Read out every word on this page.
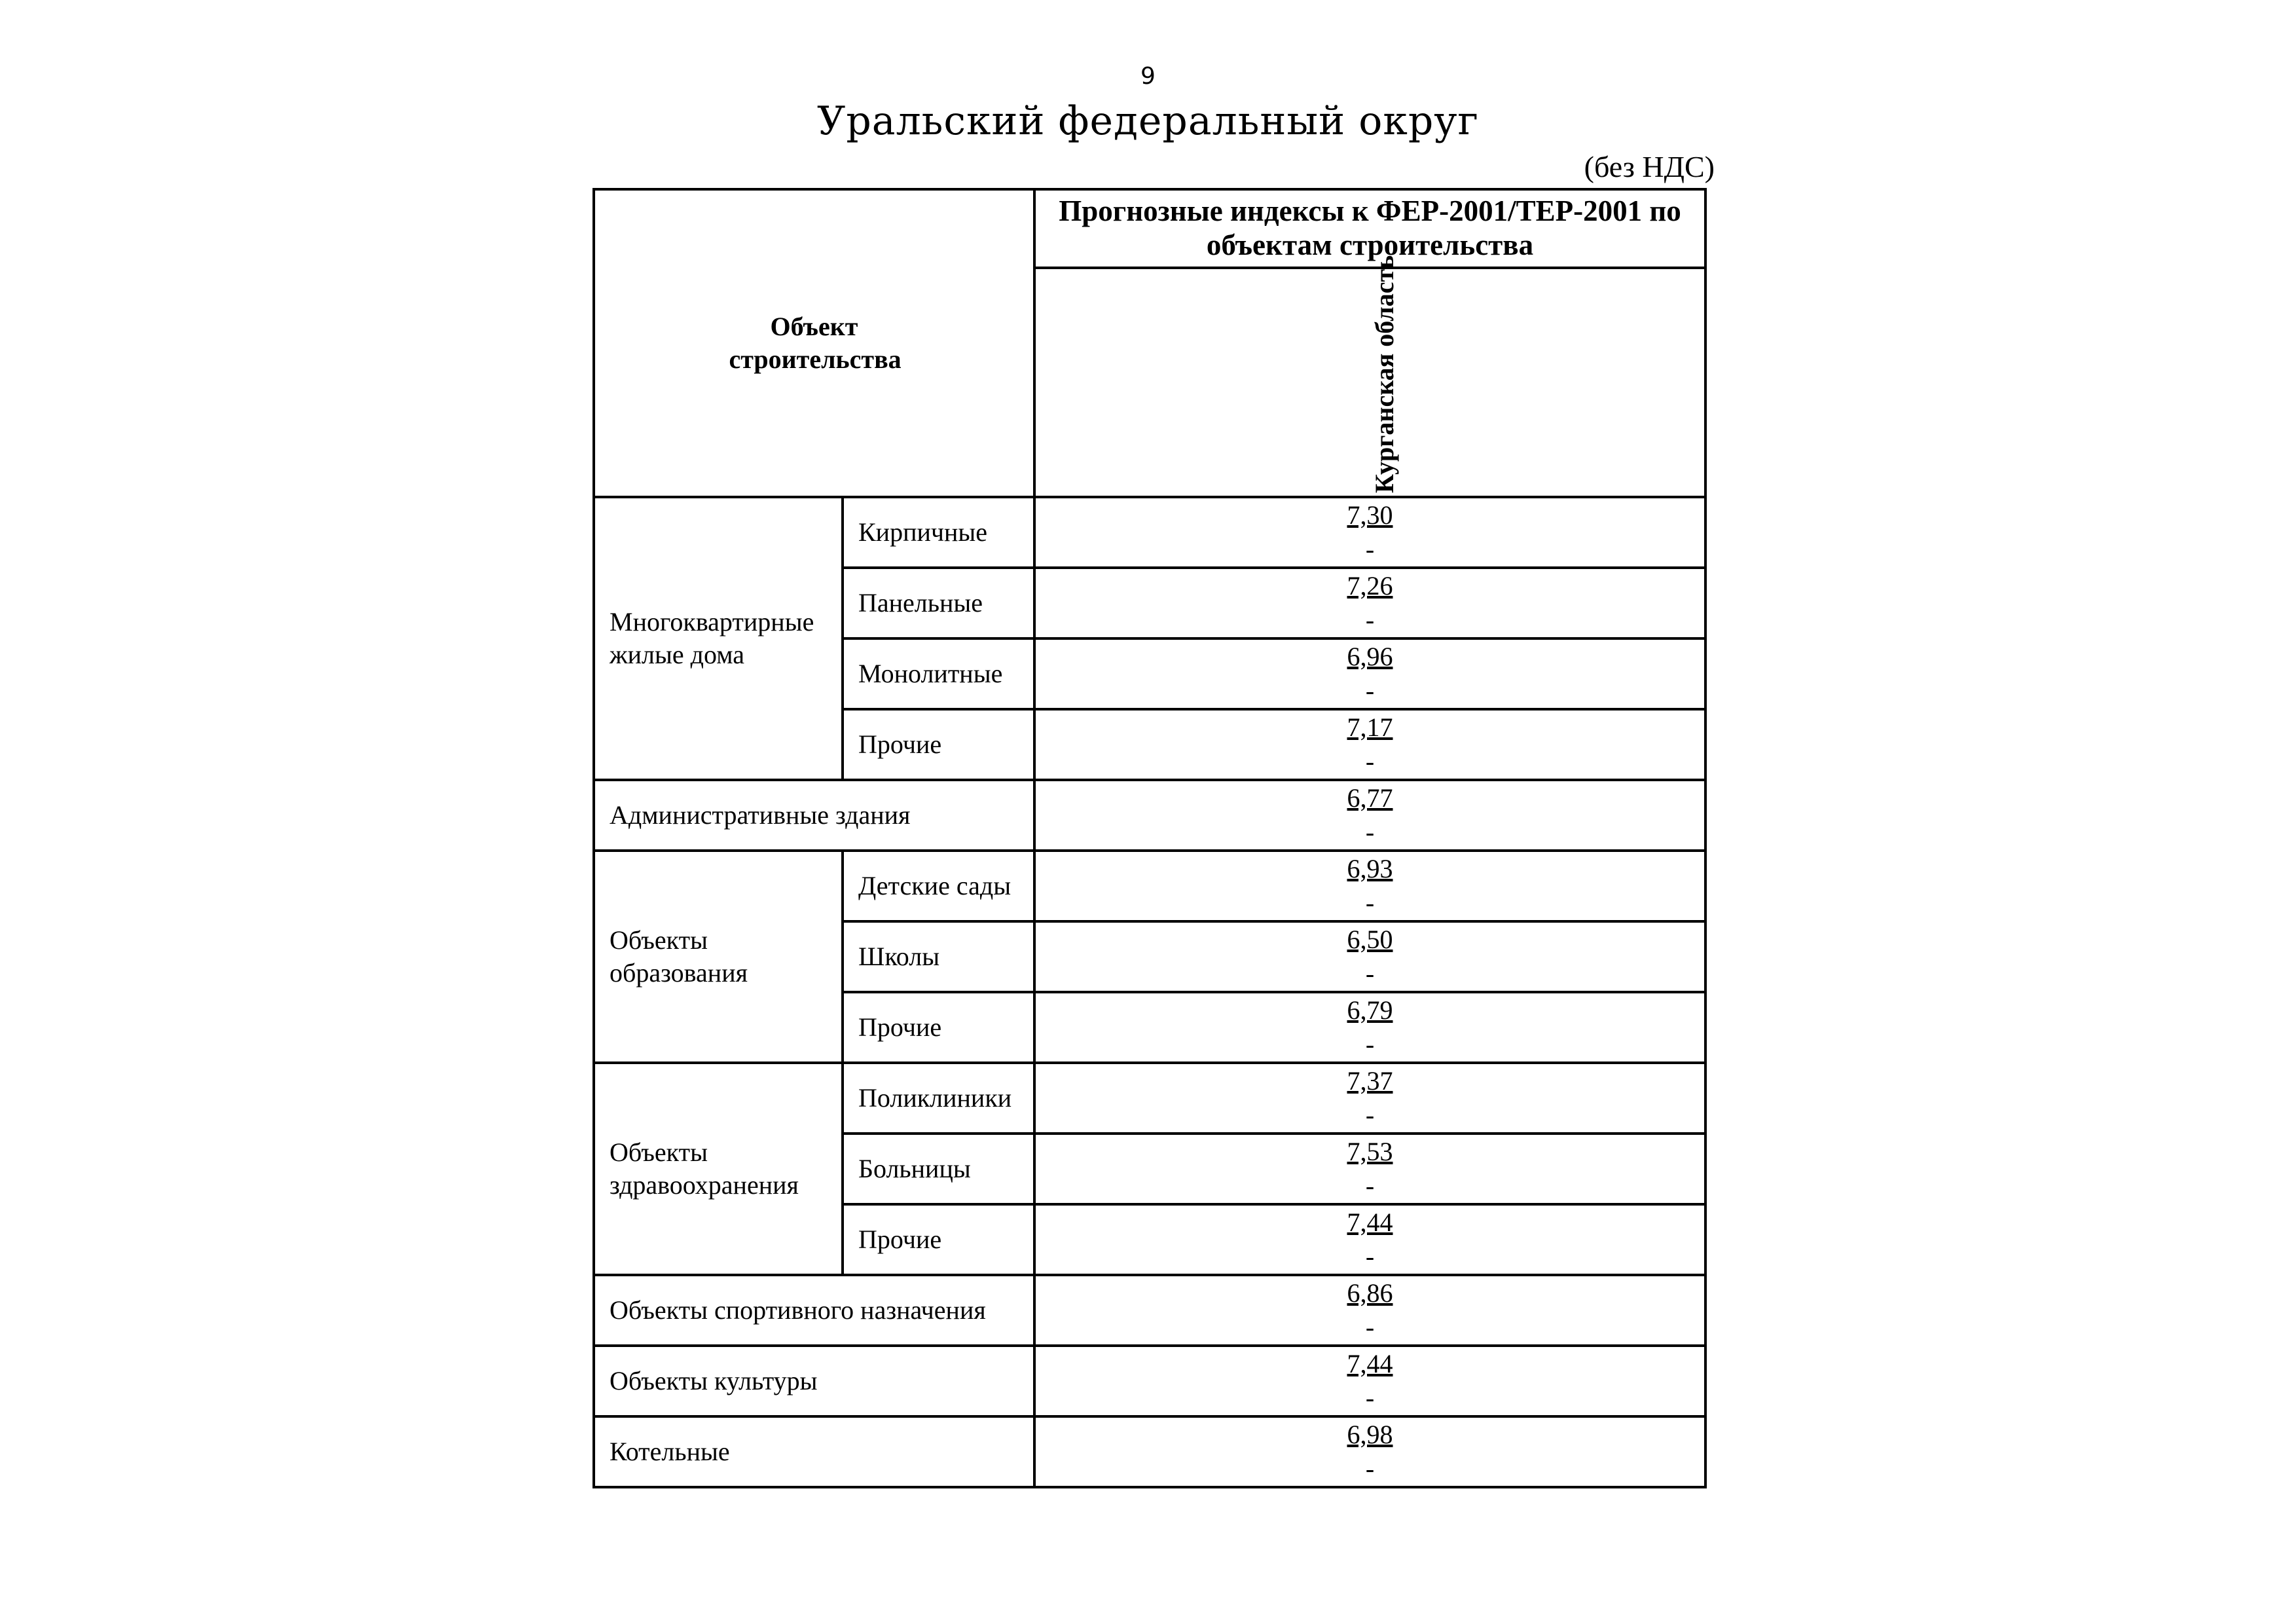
9
Уральский федеральный округ
(без НДС)
Объект строительства		Прогнозные индексы к ФЕР-2001/ТЕР-2001 по объектам строительства

		Курганская область

Многоквартирные жилые дома	Кирпичные	7,30
-

	Панельные	7,26
-

	Монолитные	6,96
-

	Прочие	7,17
-

Административные здания		6,77
-

Объекты образования	Детские сады	6,93
-

	Школы	6,50
-

	Прочие	6,79
-

Объекты здравоохранения	Поликлиники	7,37
-

	Больницы	7,53
-

	Прочие	7,44
-

Объекты спортивного назначения		6,86
-

Объекты культуры		7,44
-

Котельные		6,98
-
